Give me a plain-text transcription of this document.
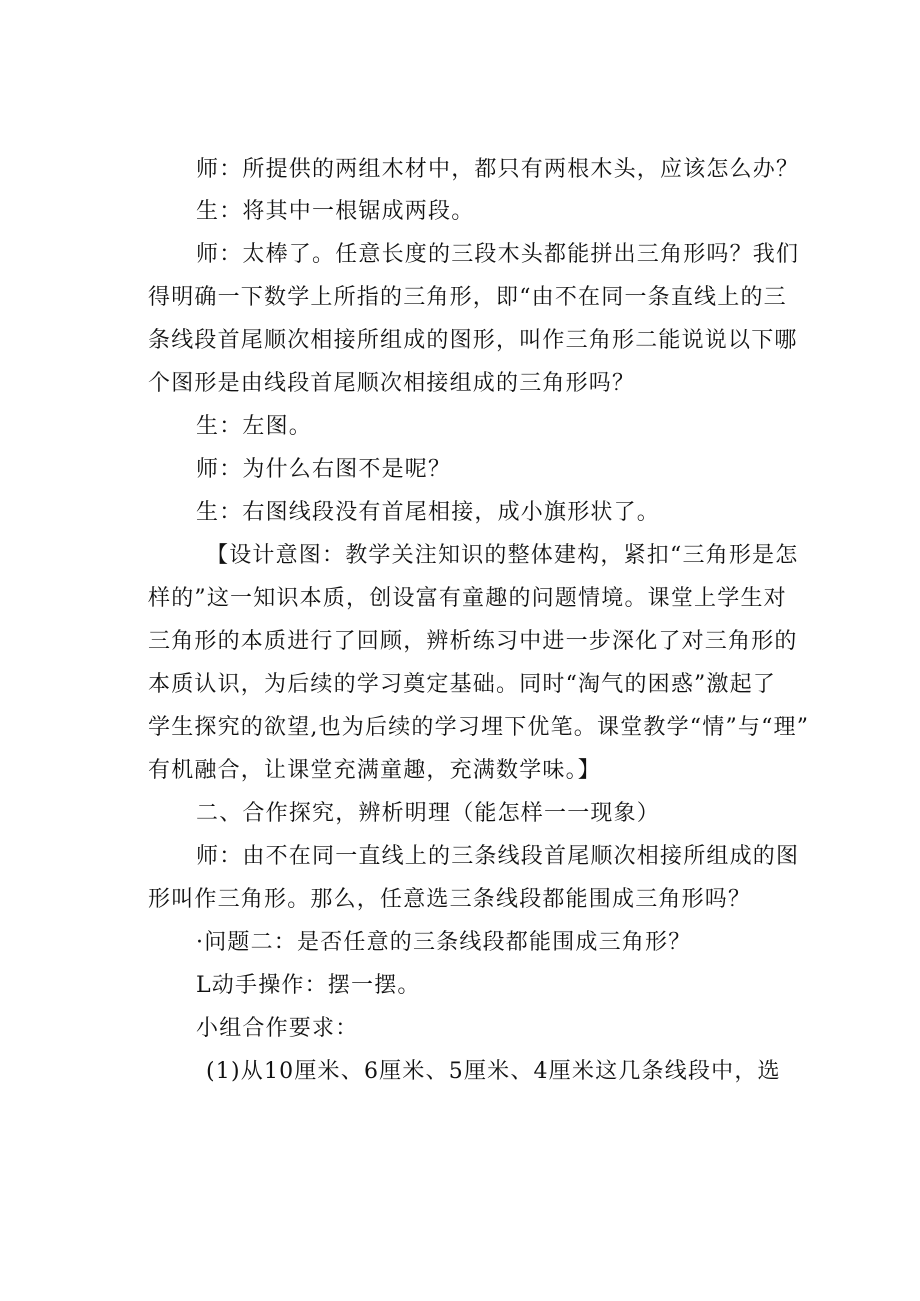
师：所提供的两组木材中，都只有两根木头，应该怎么办？
生：将其中一根锯成两段。
师：太棒了。任意长度的三段木头都能拼出三角形吗？我们
得明确一下数学上所指的三角形，即“由不在同一条直线上的三
条线段首尾顺次相接所组成的图形，叫作三角形二能说说以下哪
个图形是由线段首尾顺次相接组成的三角形吗？
生：左图。
师：为什么右图不是呢？
生：右图线段没有首尾相接，成小旗形状了。
【设计意图：教学关注知识的整体建构，紧扣“三角形是怎
样的”这一知识本质，创设富有童趣的问题情境。课堂上学生对
三角形的本质进行了回顾，辨析练习中进一步深化了对三角形的
本质认识，为后续的学习奠定基础。同时“淘气的困惑”激起了
学生探究的欲望,也为后续的学习埋下优笔。课堂教学“情”与“理”
有机融合，让课堂充满童趣，充满数学味。】
二、合作探究，辨析明理（能怎样一一现象）
师：由不在同一直线上的三条线段首尾顺次相接所组成的图
形叫作三角形。那么，任意选三条线段都能围成三角形吗？
·问题二：是否任意的三条线段都能围成三角形？
L动手操作：摆一摆。
小组合作要求：
(1)从10厘米、6厘米、5厘米、4厘米这几条线段中，选
